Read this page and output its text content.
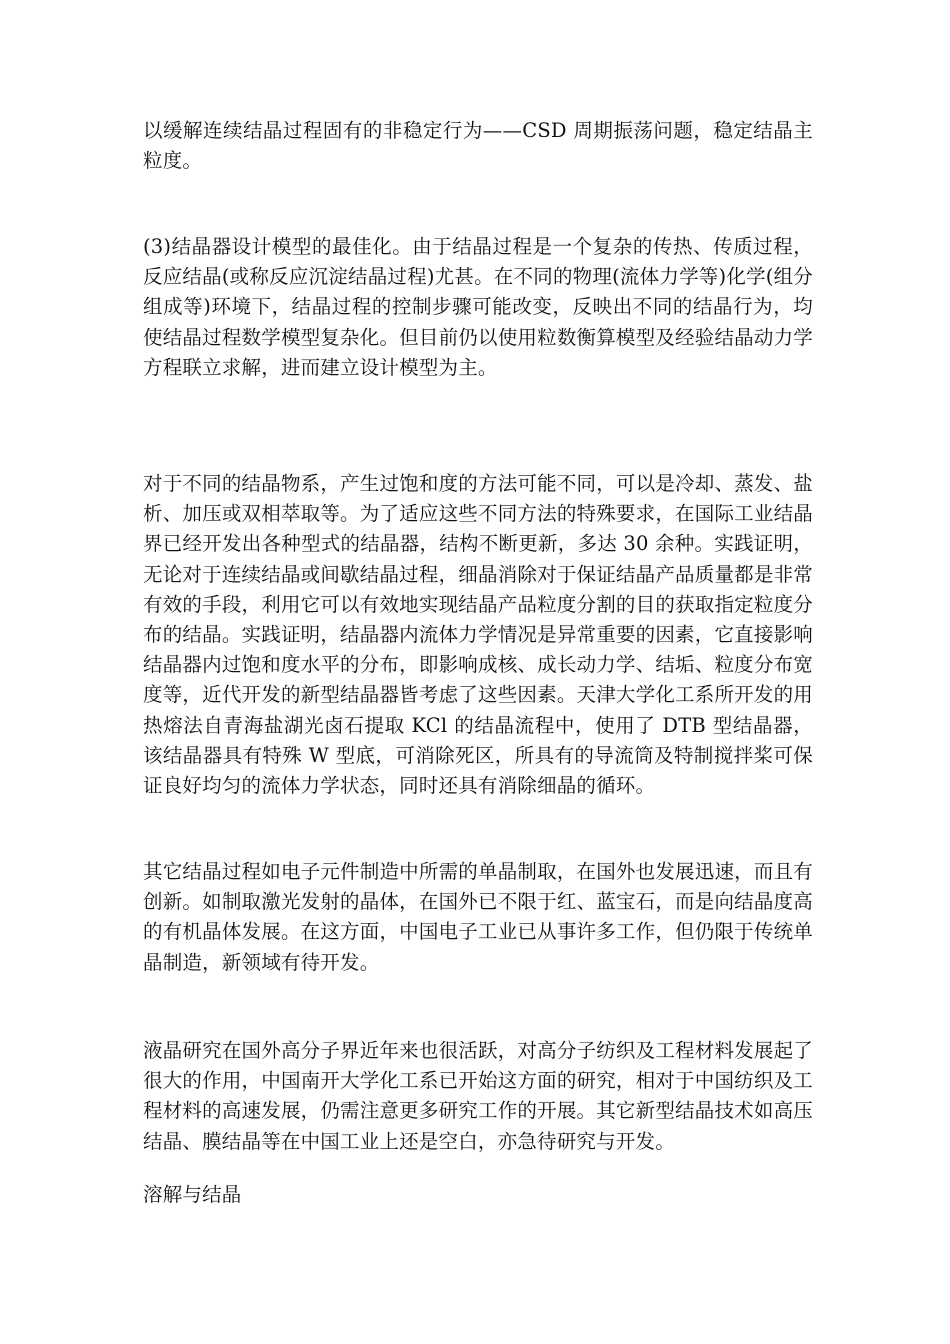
以缓解连续结晶过程固有的非稳定行为——CSD 周期振荡问题，稳定结晶主粒度。

(3)结晶器设计模型的最佳化。由于结晶过程是一个复杂的传热、传质过程，反应结晶(或称反应沉淀结晶过程)尤甚。在不同的物理(流体力学等)化学(组分组成等)环境下，结晶过程的控制步骤可能改变，反映出不同的结晶行为，均使结晶过程数学模型复杂化。但目前仍以使用粒数衡算模型及经验结晶动力学方程联立求解，进而建立设计模型为主。

对于不同的结晶物系，产生过饱和度的方法可能不同，可以是冷却、蒸发、盐析、加压或双相萃取等。为了适应这些不同方法的特殊要求，在国际工业结晶界已经开发出各种型式的结晶器，结构不断更新，多达 30 余种。实践证明，无论对于连续结晶或间歇结晶过程，细晶消除对于保证结晶产品质量都是非常有效的手段，利用它可以有效地实现结晶产品粒度分割的目的获取指定粒度分布的结晶。实践证明，结晶器内流体力学情况是异常重要的因素，它直接影响结晶器内过饱和度水平的分布，即影响成核、成长动力学、结垢、粒度分布宽度等，近代开发的新型结晶器皆考虑了这些因素。天津大学化工系所开发的用热熔法自青海盐湖光卤石提取 KCl 的结晶流程中，使用了 DTB 型结晶器，该结晶器具有特殊 W 型底，可消除死区，所具有的导流筒及特制搅拌桨可保证良好均匀的流体力学状态，同时还具有消除细晶的循环。

其它结晶过程如电子元件制造中所需的单晶制取，在国外也发展迅速，而且有创新。如制取激光发射的晶体，在国外已不限于红、蓝宝石，而是向结晶度高的有机晶体发展。在这方面，中国电子工业已从事许多工作，但仍限于传统单晶制造，新领域有待开发。

液晶研究在国外高分子界近年来也很活跃，对高分子纺织及工程材料发展起了很大的作用，中国南开大学化工系已开始这方面的研究，相对于中国纺织及工程材料的高速发展，仍需注意更多研究工作的开展。其它新型结晶技术如高压结晶、膜结晶等在中国工业上还是空白，亦急待研究与开发。

溶解与结晶
